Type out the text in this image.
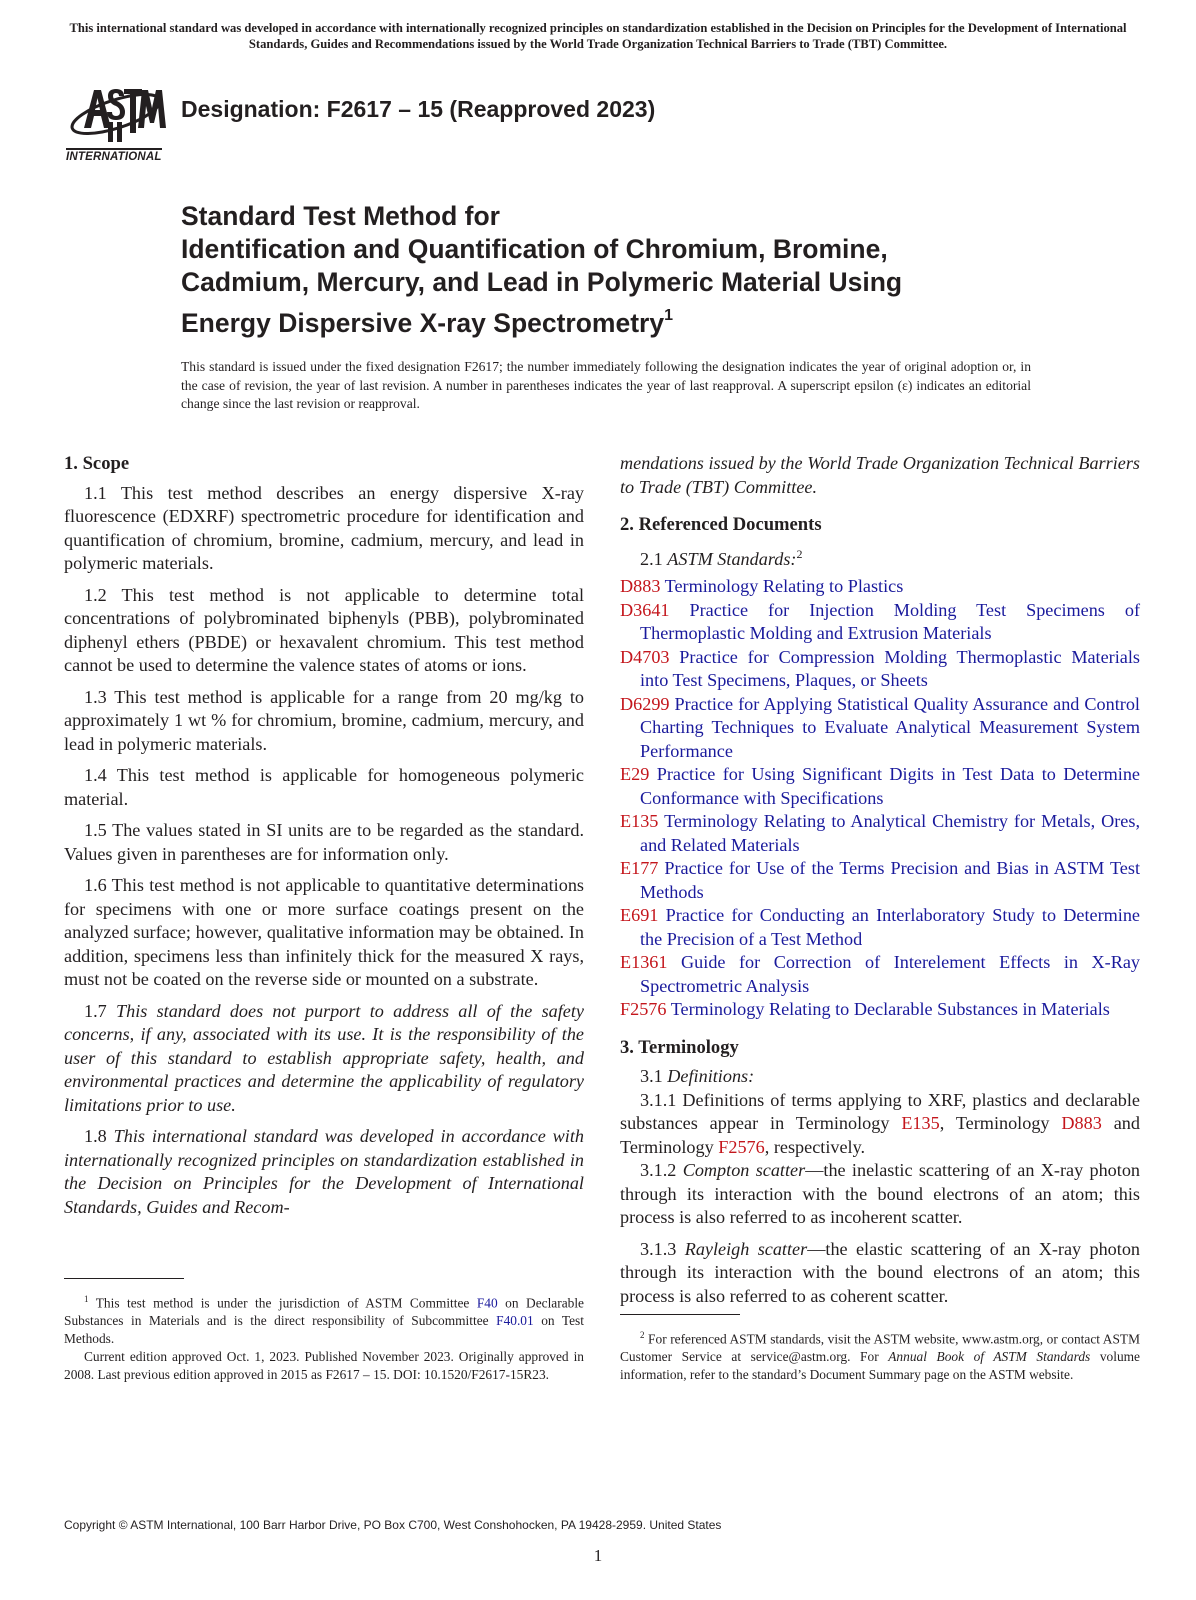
This international standard was developed in accordance with internationally recognized principles on standardization established in the Decision on Principles for the Development of International Standards, Guides and Recommendations issued by the World Trade Organization Technical Barriers to Trade (TBT) Committee.
INTERNATIONAL
Designation: F2617 – 15 (Reapproved 2023)
Standard Test Method for
Identification and Quantification of Chromium, Bromine,
Cadmium, Mercury, and Lead in Polymeric Material Using
Energy Dispersive X-ray Spectrometry$^1$

This standard is issued under the fixed designation F2617; the number immediately following the designation indicates the year of original adoption or, in the case of revision, the year of last revision. A number in parentheses indicates the year of last reapproval. A superscript epsilon (ε) indicates an editorial change since the last revision or reapproval.

1. Scope

1.1 This test method describes an energy dispersive X-ray fluorescence (EDXRF) spectrometric procedure for identification and quantification of chromium, bromine, cadmium, mercury, and lead in polymeric materials.

1.2 This test method is not applicable to determine total concentrations of polybrominated biphenyls (PBB), polybrominated diphenyl ethers (PBDE) or hexavalent chromium. This test method cannot be used to determine the valence states of atoms or ions.

1.3 This test method is applicable for a range from 20 mg/kg to approximately 1 wt % for chromium, bromine, cadmium, mercury, and lead in polymeric materials.

1.4 This test method is applicable for homogeneous polymeric material.

1.5 The values stated in SI units are to be regarded as the standard. Values given in parentheses are for information only.

1.6 This test method is not applicable to quantitative determinations for specimens with one or more surface coatings present on the analyzed surface; however, qualitative information may be obtained. In addition, specimens less than infinitely thick for the measured X rays, must not be coated on the reverse side or mounted on a substrate.

1.7 This standard does not purport to address all of the safety concerns, if any, associated with its use. It is the responsibility of the user of this standard to establish appropriate safety, health, and environmental practices and determine the applicability of regulatory limitations prior to use.

1.8 This international standard was developed in accordance with internationally recognized principles on standardization established in the Decision on Principles for the Development of International Standards, Guides and Recom-

mendations issued by the World Trade Organization Technical Barriers to Trade (TBT) Committee.

2. Referenced Documents

2.1 ASTM Standards:$^2$

D883 Terminology Relating to Plastics

D3641 Practice for Injection Molding Test Specimens of Thermoplastic Molding and Extrusion Materials

D4703 Practice for Compression Molding Thermoplastic Materials into Test Specimens, Plaques, or Sheets

D6299 Practice for Applying Statistical Quality Assurance and Control Charting Techniques to Evaluate Analytical Measurement System Performance

E29 Practice for Using Significant Digits in Test Data to Determine Conformance with Specifications

E135 Terminology Relating to Analytical Chemistry for Metals, Ores, and Related Materials

E177 Practice for Use of the Terms Precision and Bias in ASTM Test Methods

E691 Practice for Conducting an Interlaboratory Study to Determine the Precision of a Test Method

E1361 Guide for Correction of Interelement Effects in X-Ray Spectrometric Analysis

F2576 Terminology Relating to Declarable Substances in Materials

3. Terminology

3.1 Definitions:

3.1.1 Definitions of terms applying to XRF, plastics and declarable substances appear in Terminology E135, Terminology D883 and Terminology F2576, respectively.

3.1.2 Compton scatter—the inelastic scattering of an X-ray photon through its interaction with the bound electrons of an atom; this process is also referred to as incoherent scatter.

3.1.3 Rayleigh scatter—the elastic scattering of an X-ray photon through its interaction with the bound electrons of an atom; this process is also referred to as coherent scatter.

$^1$ This test method is under the jurisdiction of ASTM Committee F40 on Declarable Substances in Materials and is the direct responsibility of Subcommittee F40.01 on Test Methods.

Current edition approved Oct. 1, 2023. Published November 2023. Originally approved in 2008. Last previous edition approved in 2015 as F2617 – 15. DOI: 10.1520/F2617-15R23.

$^2$ For referenced ASTM standards, visit the ASTM website, www.astm.org, or contact ASTM Customer Service at service@astm.org. For Annual Book of ASTM Standards volume information, refer to the standard’s Document Summary page on the ASTM website.

Copyright © ASTM International, 100 Barr Harbor Drive, PO Box C700, West Conshohocken, PA 19428-2959. United States
1
